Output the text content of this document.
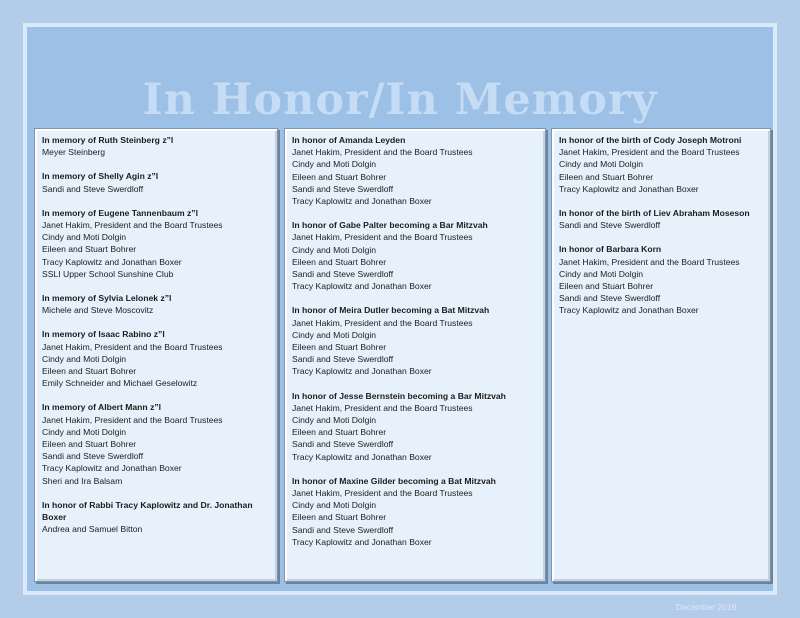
In Honor/In Memory
In memory of Ruth Steinberg z”l
Meyer Steinberg
In memory of Shelly Agin z”l
Sandi and Steve Swerdloff
In memory of Eugene Tannenbaum z”l
Janet Hakim, President and the Board Trustees
Cindy and Moti Dolgin
Eileen and Stuart Bohrer
Tracy Kaplowitz and Jonathan Boxer
SSLI Upper School Sunshine Club
In memory of Sylvia Lelonek z”l
Michele and Steve Moscovitz
In memory of Isaac Rabino z”l
Janet Hakim, President and the Board Trustees
Cindy and Moti Dolgin
Eileen and Stuart Bohrer
Emily Schneider and Michael Geselowitz
In memory of Albert Mann z”l
Janet Hakim, President and the Board Trustees
Cindy and Moti Dolgin
Eileen and Stuart Bohrer
Sandi and Steve Swerdloff
Tracy Kaplowitz and Jonathan Boxer
Sheri and Ira Balsam
In honor of Rabbi Tracy Kaplowitz and Dr. Jonathan Boxer
Andrea and Samuel Bitton
In honor of Amanda Leyden
Janet Hakim, President and the Board Trustees
Cindy and Moti Dolgin
Eileen and Stuart Bohrer
Sandi and Steve Swerdloff
Tracy Kaplowitz and Jonathan Boxer
In honor of Gabe Palter becoming a Bar Mitzvah
Janet Hakim, President and the Board Trustees
Cindy and Moti Dolgin
Eileen and Stuart Bohrer
Sandi and Steve Swerdloff
Tracy Kaplowitz and Jonathan Boxer
In honor of Meira Dutler becoming a Bat Mitzvah
Janet Hakim, President and the Board Trustees
Cindy and Moti Dolgin
Eileen and Stuart Bohrer
Sandi and Steve Swerdloff
Tracy Kaplowitz and Jonathan Boxer
In honor of Jesse Bernstein becoming a Bar Mitzvah
Janet Hakim, President and the Board Trustees
Cindy and Moti Dolgin
Eileen and Stuart Bohrer
Sandi and Steve Swerdloff
Tracy Kaplowitz and Jonathan Boxer
In honor of Maxine Gilder becoming a Bat Mitzvah
Janet Hakim, President and the Board Trustees
Cindy and Moti Dolgin
Eileen and Stuart Bohrer
Sandi and Steve Swerdloff
Tracy Kaplowitz and Jonathan Boxer
In honor of the birth of Cody Joseph Motroni
Janet Hakim, President and the Board Trustees
Cindy and Moti Dolgin
Eileen and Stuart Bohrer
Tracy Kaplowitz and Jonathan Boxer
In honor of the birth of Liev Abraham Moseson
Sandi and Steve Swerdloff
In honor of Barbara Korn
Janet Hakim, President and the Board Trustees
Cindy and Moti Dolgin
Eileen and Stuart Bohrer
Sandi and Steve Swerdloff
Tracy Kaplowitz and Jonathan Boxer
December 2016
